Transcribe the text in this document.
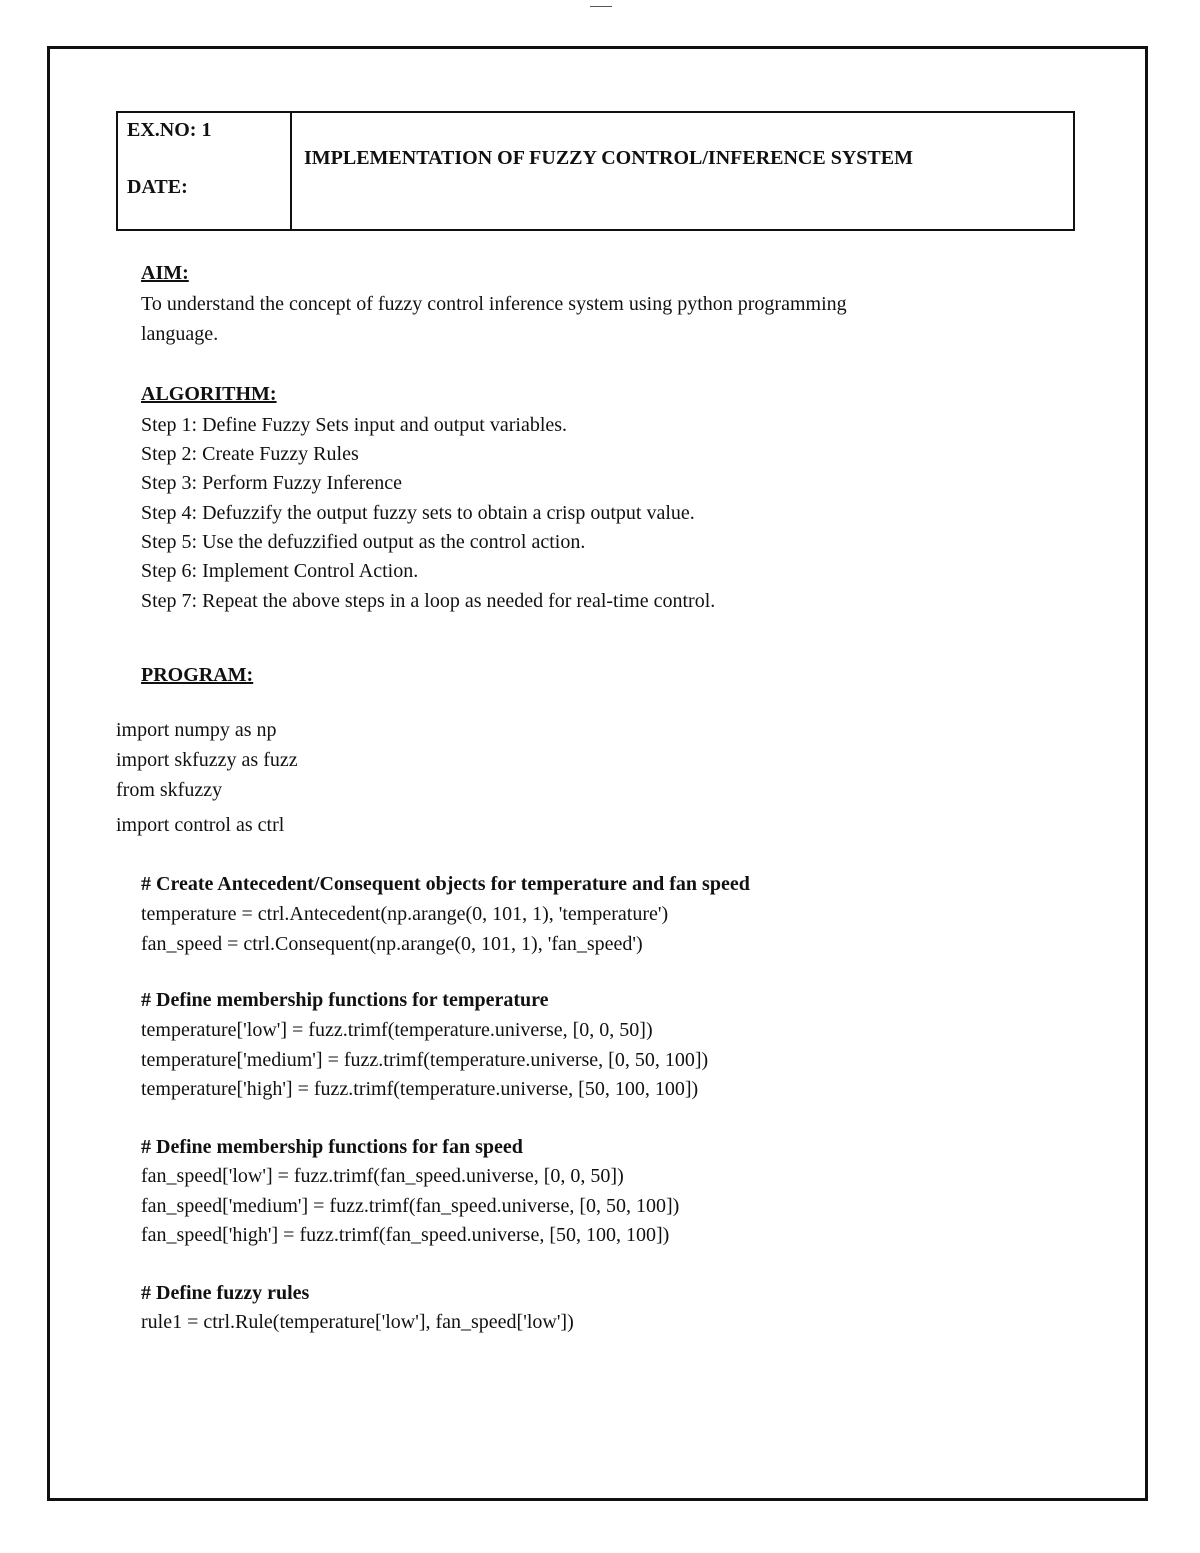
EX.NO: 1
DATE:
IMPLEMENTATION OF FUZZY CONTROL/INFERENCE SYSTEM
AIM:
To understand the concept of fuzzy control inference system using python programming
language.
ALGORITHM:
Step 1: Define Fuzzy Sets input and output variables.
Step 2: Create Fuzzy Rules
Step 3: Perform Fuzzy Inference
Step 4: Defuzzify the output fuzzy sets to obtain a crisp output value.
Step 5: Use the defuzzified output as the control action.
Step 6: Implement Control Action.
Step 7: Repeat the above steps in a loop as needed for real-time control.
PROGRAM:
import numpy as np
import skfuzzy as fuzz
from skfuzzy
import control as ctrl
# Create Antecedent/Consequent objects for temperature and fan speed
temperature = ctrl.Antecedent(np.arange(0, 101, 1), 'temperature')
fan_speed = ctrl.Consequent(np.arange(0, 101, 1), 'fan_speed')
# Define membership functions for temperature
temperature['low'] = fuzz.trimf(temperature.universe, [0, 0, 50])
temperature['medium'] = fuzz.trimf(temperature.universe, [0, 50, 100])
temperature['high'] = fuzz.trimf(temperature.universe, [50, 100, 100])
# Define membership functions for fan speed
fan_speed['low'] = fuzz.trimf(fan_speed.universe, [0, 0, 50])
fan_speed['medium'] = fuzz.trimf(fan_speed.universe, [0, 50, 100])
fan_speed['high'] = fuzz.trimf(fan_speed.universe, [50, 100, 100])
# Define fuzzy rules
rule1 = ctrl.Rule(temperature['low'], fan_speed['low'])
